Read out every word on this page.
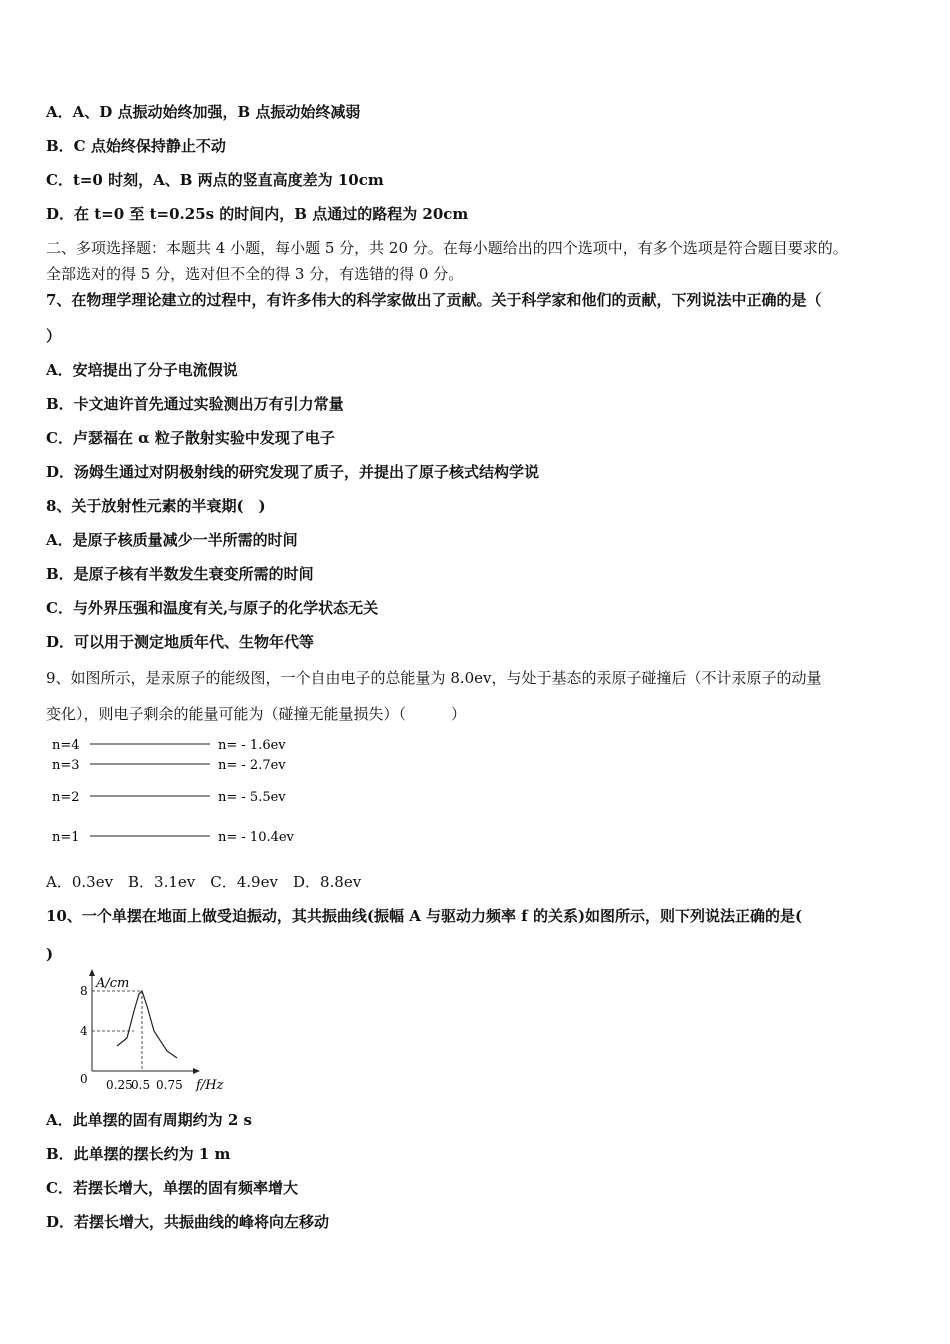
A．A、D 点振动始终加强，B 点振动始终减弱
B．C 点始终保持静止不动
C．t=0 时刻，A、B 两点的竖直高度差为 10cm
D．在 t=0 至 t=0.25s 的时间内，B 点通过的路程为 20cm
二、多项选择题：本题共 4 小题，每小题 5 分，共 20 分。在每小题给出的四个选项中，有多个选项是符合题目要求的。
全部选对的得 5 分，选对但不全的得 3 分，有选错的得 0 分。
7、在物理学理论建立的过程中，有许多伟大的科学家做出了贡献。关于科学家和他们的贡献，下列说法中正确的是（
）
A．安培提出了分子电流假说
B．卡文迪许首先通过实验测出万有引力常量
C．卢瑟福在 α 粒子散射实验中发现了电子
D．汤姆生通过对阴极射线的研究发现了质子，并提出了原子核式结构学说
8、关于放射性元素的半衰期(　)
A．是原子核质量减少一半所需的时间
B．是原子核有半数发生衰变所需的时间
C．与外界压强和温度有关,与原子的化学状态无关
D．可以用于测定地质年代、生物年代等
9、如图所示，是汞原子的能级图，一个自由电子的总能量为 8.0ev，与处于基态的汞原子碰撞后（不计汞原子的动量
变化），则电子剩余的能量可能为（碰撞无能量损失）（　　　）
n=4	n= - 1.6ev
n=3	n= - 2.7ev
n=2	n= - 5.5ev
n=1	n= - 10.4ev
A．0.3ev　B．3.1ev　C．4.9ev　D．8.8ev
10、一个单摆在地面上做受迫振动，其共振曲线(振幅 A 与驱动力频率 f 的关系)如图所示，则下列说法正确的是(
)
A/cm
f/Hz
0
4
8
0.25
0.5 0.75
A．此单摆的固有周期约为 2 s
B．此单摆的摆长约为 1 m
C．若摆长增大，单摆的固有频率增大
D．若摆长增大，共振曲线的峰将向左移动
